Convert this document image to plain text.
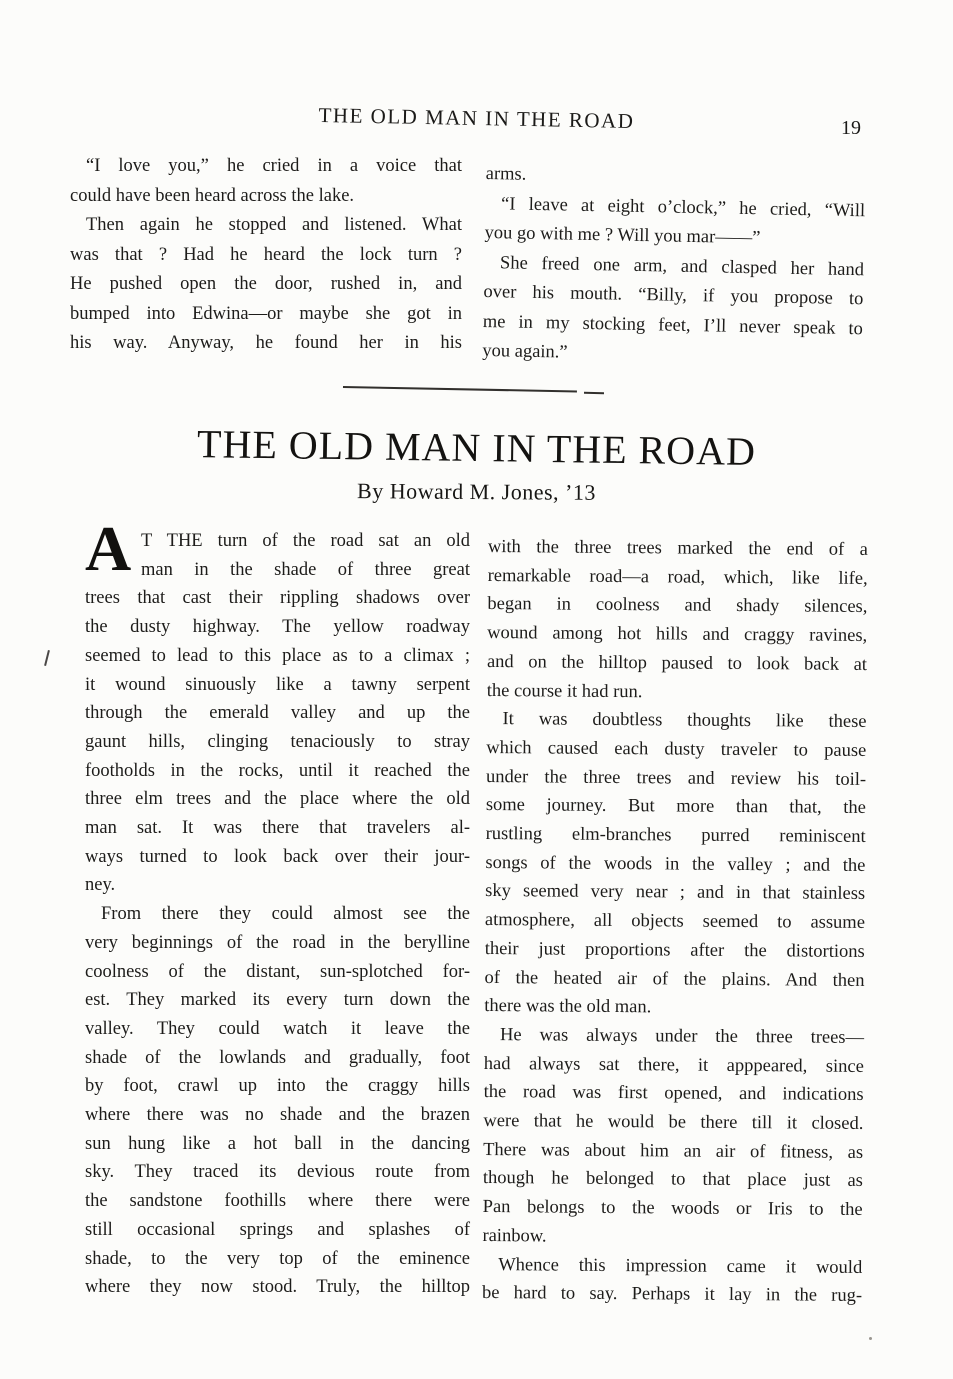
THE OLD MAN IN THE ROAD	19
“I love you,” he cried in a voice that
could have been heard across the lake.
Then again he stopped and listened. What
was that ? Had he heard the lock turn ?
He pushed open the door, rushed in, and
bumped into Edwina—or maybe she got in
his way. Anyway, he found her in his
arms.
“I leave at eight o’clock,” he cried, “Will
you go with me ? Will you mar——”
She freed one arm, and clasped her hand
over his mouth. “Billy, if you propose to
me in my stocking feet, I’ll never speak to
you again.”
THE OLD MAN IN THE ROAD
By Howard M. Jones, ’13
A T THE turn of the road sat an old
man in the shade of three great
trees that cast their rippling shadows over
the dusty highway. The yellow roadway
seemed to lead to this place as to a climax ;
it wound sinuously like a tawny serpent
through the emerald valley and up the
gaunt hills, clinging tenaciously to stray
footholds in the rocks, until it reached the
three elm trees and the place where the old
man sat. It was there that travelers al-
ways turned to look back over their jour-
ney.
From there they could almost see the
very beginnings of the road in the berylline
coolness of the distant, sun-splotched for-
est. They marked its every turn down the
valley. They could watch it leave the
shade of the lowlands and gradually, foot
by foot, crawl up into the craggy hills
where there was no shade and the brazen
sun hung like a hot ball in the dancing
sky. They traced its devious route from
the sandstone foothills where there were
still occasional springs and splashes of
shade, to the very top of the eminence
where they now stood. Truly, the hilltop
with the three trees marked the end of a
remarkable road—a road, which, like life,
began in coolness and shady silences,
wound among hot hills and craggy ravines,
and on the hilltop paused to look back at
the course it had run.
It was doubtless thoughts like these
which caused each dusty traveler to pause
under the three trees and review his toil-
some journey. But more than that, the
rustling elm-branches purred reminiscent
songs of the woods in the valley ; and the
sky seemed very near ; and in that stainless
atmosphere, all objects seemed to assume
their just proportions after the distortions
of the heated air of the plains. And then
there was the old man.
He was always under the three trees—
had always sat there, it apppeared, since
the road was first opened, and indications
were that he would be there till it closed.
There was about him an air of fitness, as
though he belonged to that place just as
Pan belongs to the woods or Iris to the
rainbow.
Whence this impression came it would
be hard to say. Perhaps it lay in the rug-
